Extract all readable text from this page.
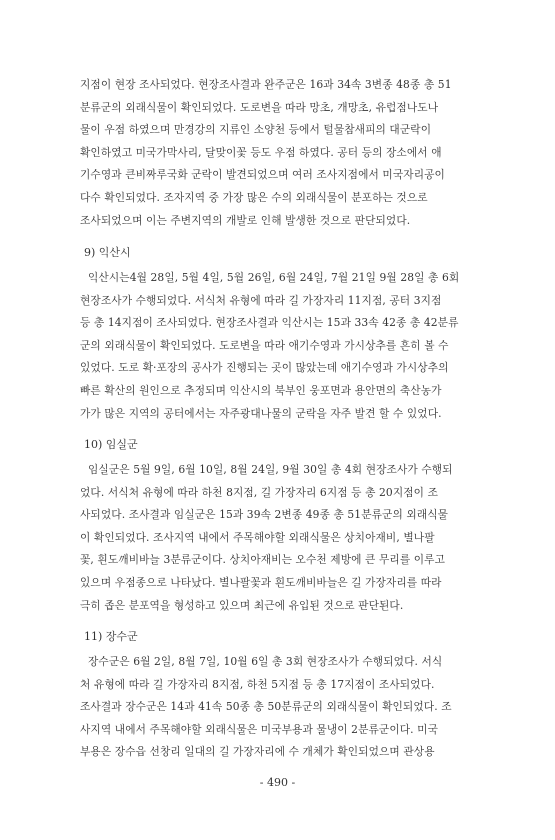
지점이 현장 조사되었다. 현장조사결과 완주군은 16과 34속 3변종 48종 총 51
분류군의 외래식물이 확인되었다. 도로변을 따라 망초, 개망초, 유럽점나도나
물이 우점 하였으며 만경강의 지류인 소양천 등에서 털물참새피의 대군락이
확인하였고 미국가막사리, 달맞이꽃 등도 우점 하였다. 공터 등의 장소에서 애
기수영과 큰비짜루국화 군락이 발견되었으며 여러 조사지점에서 미국자리공이
다수 확인되었다. 조자지역 중 가장 많은 수의 외래식물이 분포하는 것으로
조사되었으며 이는 주변지역의 개발로 인해 발생한 것으로 판단되었다.
9) 익산시
익산시는4월 28일, 5월 4일, 5월 26일, 6월 24일, 7월 21일 9월 28일 총 6회
현장조사가 수행되었다. 서식처 유형에 따라 길 가장자리 11지점, 공터 3지점
등 총 14지점이 조사되었다. 현장조사결과 익산시는 15과 33속 42종 총 42분류
군의 외래식물이 확인되었다. 도로변을 따라 애기수영과 가시상추를 흔히 볼 수
있었다. 도로 확·포장의 공사가 진행되는 곳이 많았는데 애기수영과 가시상추의
빠른 확산의 원인으로 추정되며 익산시의 북부인 웅포면과 용안면의 축산농가
가가 많은 지역의 공터에서는 자주광대나물의 군락을 자주 발견 할 수 있었다.
10) 임실군
임실군은 5월 9일, 6월 10일, 8월 24일, 9월 30일 총 4회 현장조사가 수행되
었다. 서식처 유형에 따라 하천 8지점, 길 가장자리 6지점 등 총 20지점이 조
사되었다. 조사결과 임실군은 15과 39속 2변종 49종 총 51분류군의 외래식물
이 확인되었다. 조사지역 내에서 주목해야할 외래식물은 상치아재비, 별나팔
꽃, 흰도깨비바늘 3분류군이다. 상치아재비는 오수천 제방에 큰 무리를 이루고
있으며 우점종으로 나타났다. 별나팔꽃과 흰도깨비바늘은 길 가장자리를 따라
극히 좁은 분포역을 형성하고 있으며 최근에 유입된 것으로 판단된다.
11) 장수군
장수군은 6월 2일, 8월 7일, 10월 6일 총 3회 현장조사가 수행되었다. 서식
처 유형에 따라 길 가장자리 8지점, 하천 5지점 등 총 17지점이 조사되었다.
조사결과 장수군은 14과 41속 50종 총 50분류군의 외래식물이 확인되었다. 조
사지역 내에서 주목해야할 외래식물은 미국부용과 물냉이 2분류군이다. 미국
부용은 장수읍 선창리 일대의 길 가장자리에 수 개체가 확인되었으며 관상용
- 490 -
